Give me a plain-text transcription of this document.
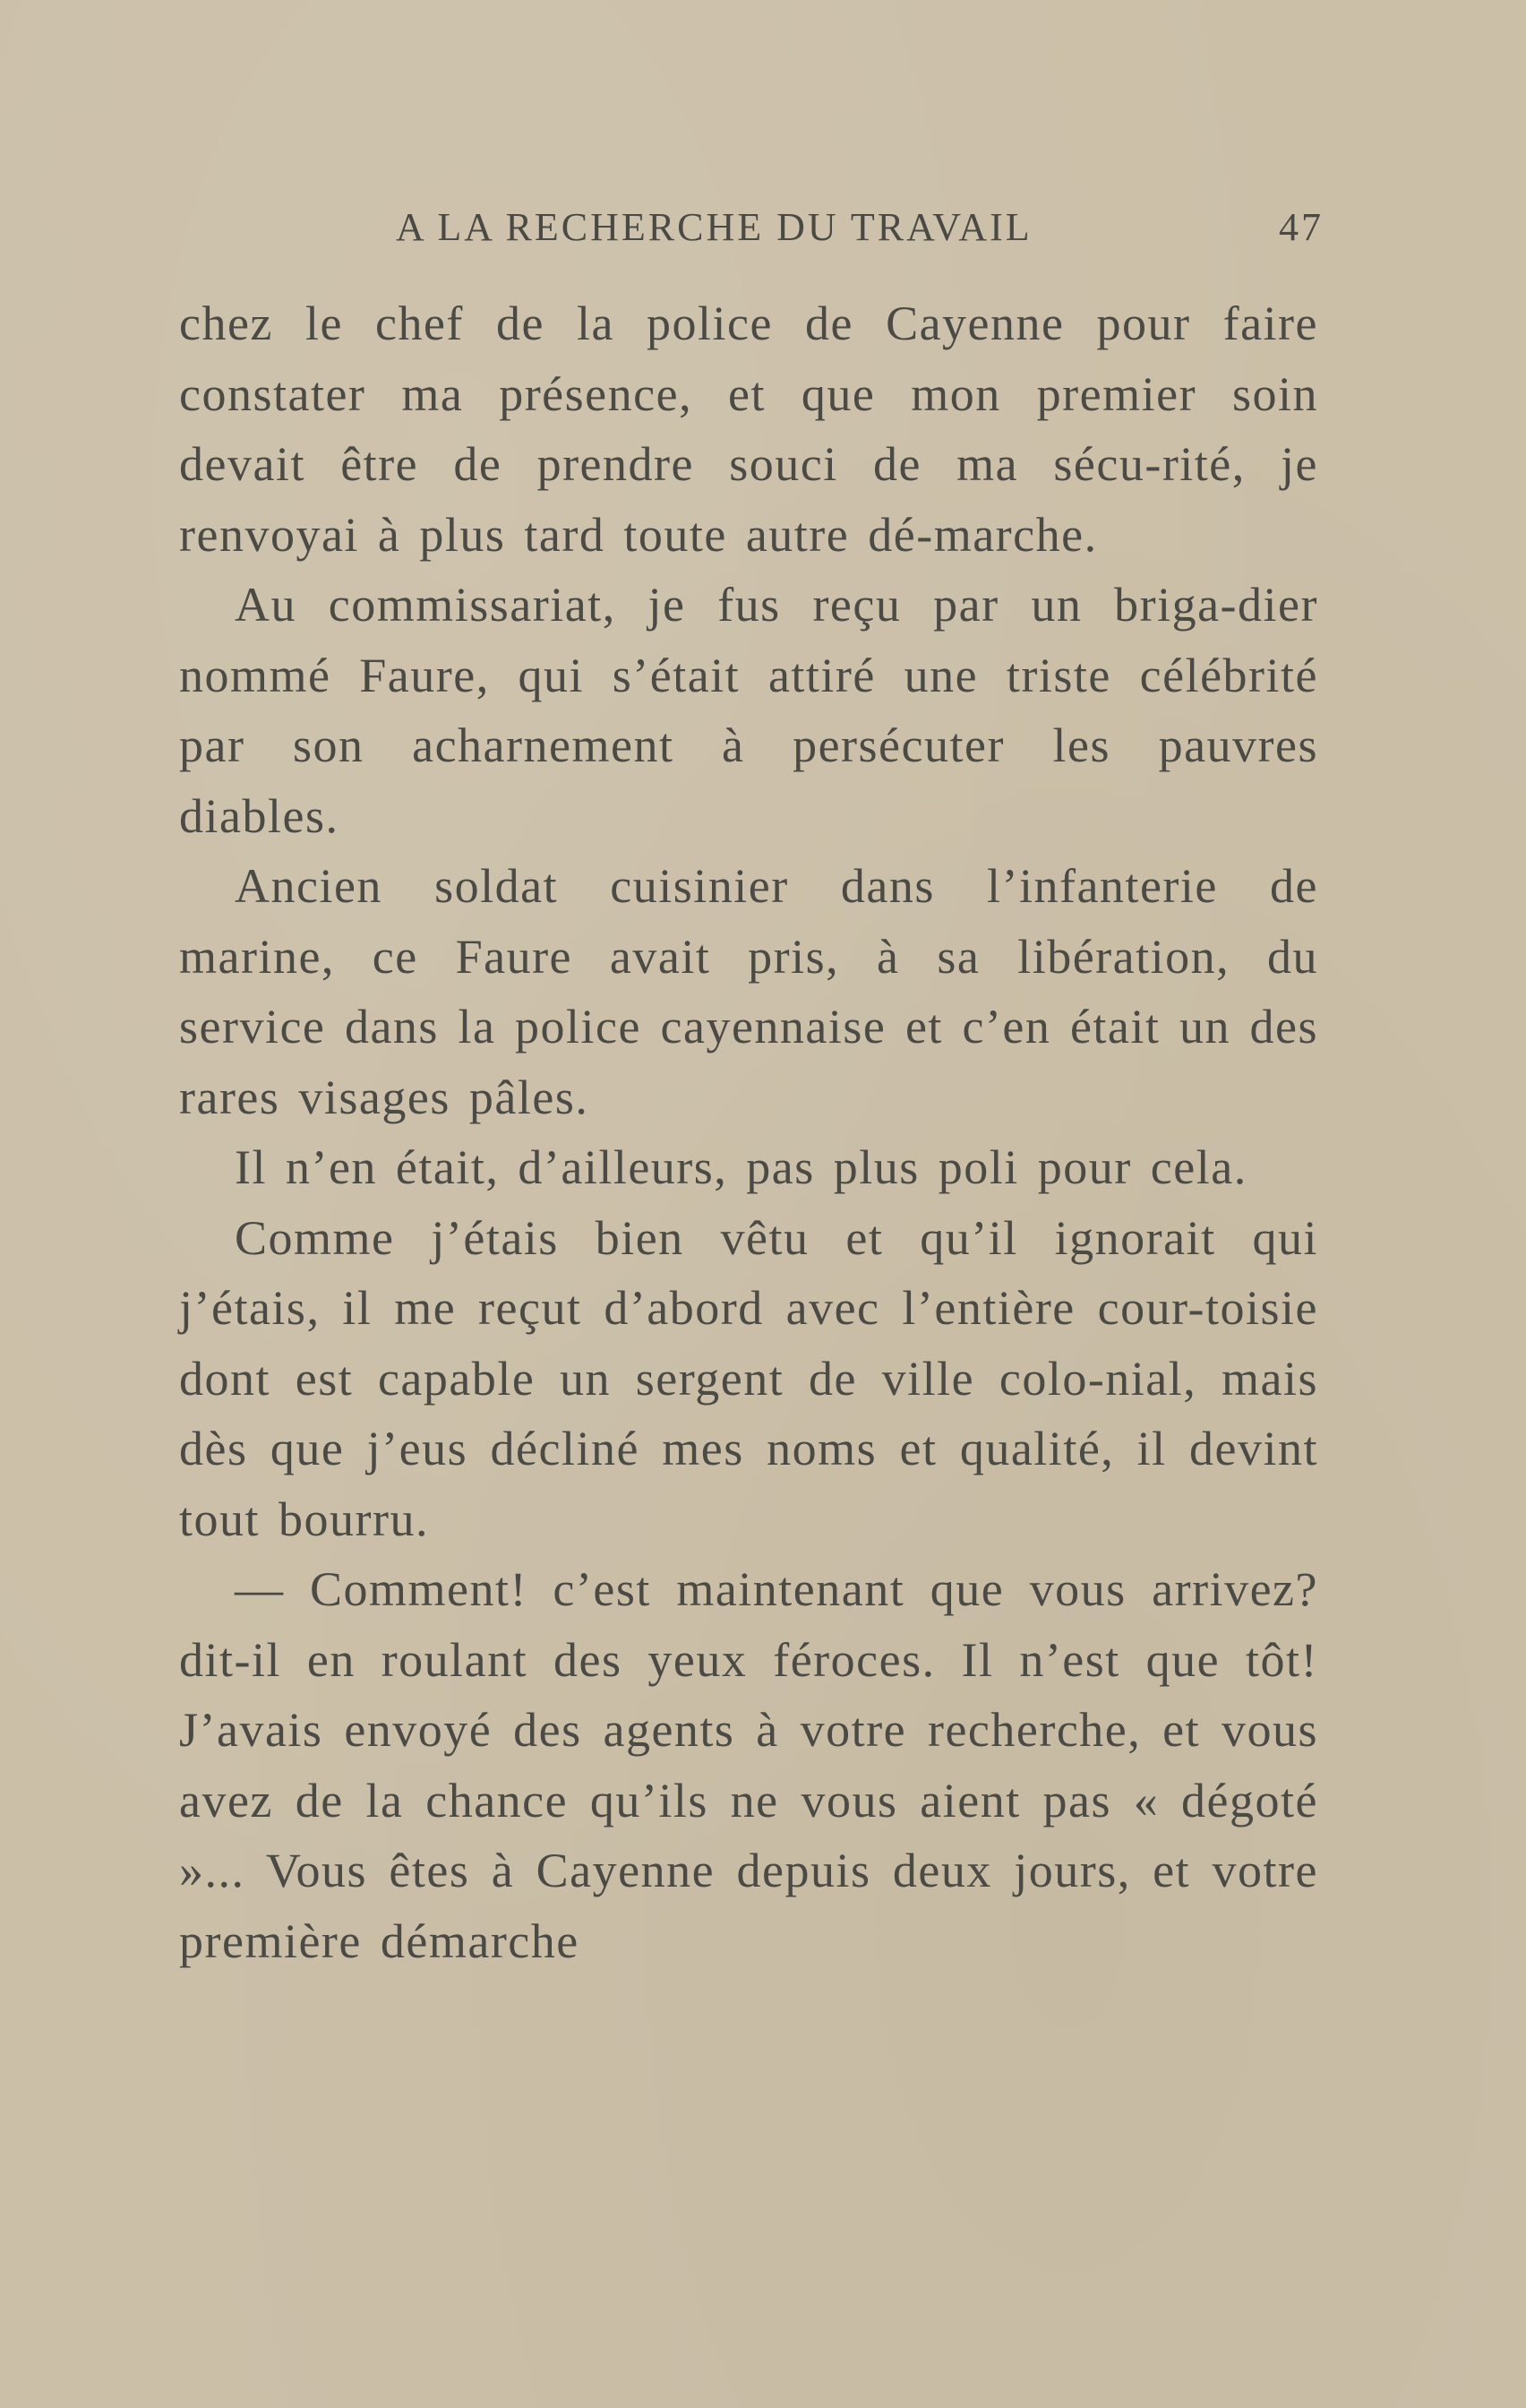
A LA RECHERCHE DU TRAVAIL	47

chez le chef de la police de Cayenne pour faire constater ma présence, et que mon premier soin devait être de prendre souci de ma sécu-rité, je renvoyai à plus tard toute autre dé-marche.

Au commissariat, je fus reçu par un briga-dier nommé Faure, qui s’était attiré une triste célébrité par son acharnement à persécuter les pauvres diables.

Ancien soldat cuisinier dans l’infanterie de marine, ce Faure avait pris, à sa libération, du service dans la police cayennaise et c’en était un des rares visages pâles.

Il n’en était, d’ailleurs, pas plus poli pour cela.

Comme j’étais bien vêtu et qu’il ignorait qui j’étais, il me reçut d’abord avec l’entière cour-toisie dont est capable un sergent de ville colo-nial, mais dès que j’eus décliné mes noms et qualité, il devint tout bourru.

— Comment! c’est maintenant que vous arrivez? dit-il en roulant des yeux féroces. Il n’est que tôt! J’avais envoyé des agents à votre recherche, et vous avez de la chance qu’ils ne vous aient pas « dégoté »... Vous êtes à Cayenne depuis deux jours, et votre première démarche
